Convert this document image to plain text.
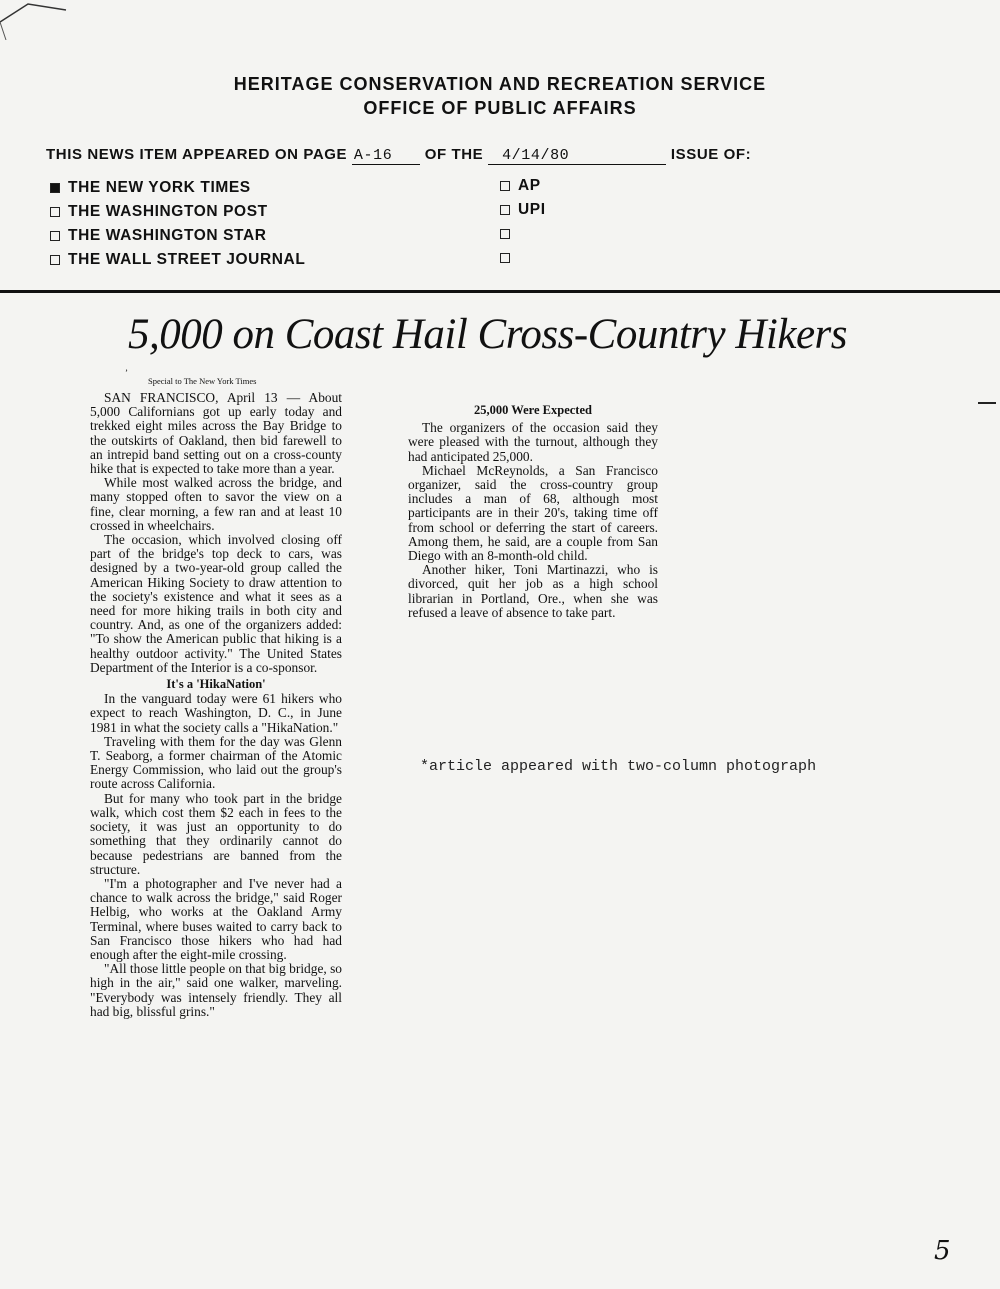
HERITAGE CONSERVATION AND RECREATION SERVICE
OFFICE OF PUBLIC AFFAIRS
THIS NEWS ITEM APPEARED ON PAGE A-16 OF THE 4/14/80	ISSUE OF:
THE NEW YORK TIMES
THE WASHINGTON POST
THE WASHINGTON STAR
THE WALL STREET JOURNAL
AP
UPI
5,000 on Coast Hail Cross-Country Hikers
ʼ
Special to The New York Times

SAN FRANCISCO, April 13 — About 5,000 Californians got up early today and trekked eight miles across the Bay Bridge to the outskirts of Oakland, then bid farewell to an intrepid band setting out on a cross-county hike that is expected to take more than a year.

While most walked across the bridge, and many stopped often to savor the view on a fine, clear morning, a few ran and at least 10 crossed in wheelchairs.

The occasion, which involved closing off part of the bridge's top deck to cars, was designed by a two-year-old group called the American Hiking Society to draw attention to the society's existence and what it sees as a need for more hiking trails in both city and country. And, as one of the organizers added: "To show the American public that hiking is a healthy outdoor activity." The United States Department of the Interior is a co-sponsor.

It's a 'HikaNation'

In the vanguard today were 61 hikers who expect to reach Washington, D. C., in June 1981 in what the society calls a "HikaNation."

Traveling with them for the day was Glenn T. Seaborg, a former chairman of the Atomic Energy Commission, who laid out the group's route across California.

But for many who took part in the bridge walk, which cost them $2 each in fees to the society, it was just an opportunity to do something that they ordinarily cannot do because pedestrians are banned from the structure.

"I'm a photographer and I've never had a chance to walk across the bridge," said Roger Helbig, who works at the Oakland Army Terminal, where buses waited to carry back to San Francisco those hikers who had had enough after the eight-mile crossing.

"All those little people on that big bridge, so high in the air," said one walker, marveling. "Everybody was intensely friendly. They all had big, blissful grins."

25,000 Were Expected

The organizers of the occasion said they were pleased with the turnout, although they had anticipated 25,000.

Michael McReynolds, a San Francisco organizer, said the cross-country group includes a man of 68, although most participants are in their 20's, taking time off from school or deferring the start of careers. Among them, he said, are a couple from San Diego with an 8-month-old child.

Another hiker, Toni Martinazzi, who is divorced, quit her job as a high school librarian in Portland, Ore., when she was refused a leave of absence to take part.

*article appeared with two-column photograph
5
